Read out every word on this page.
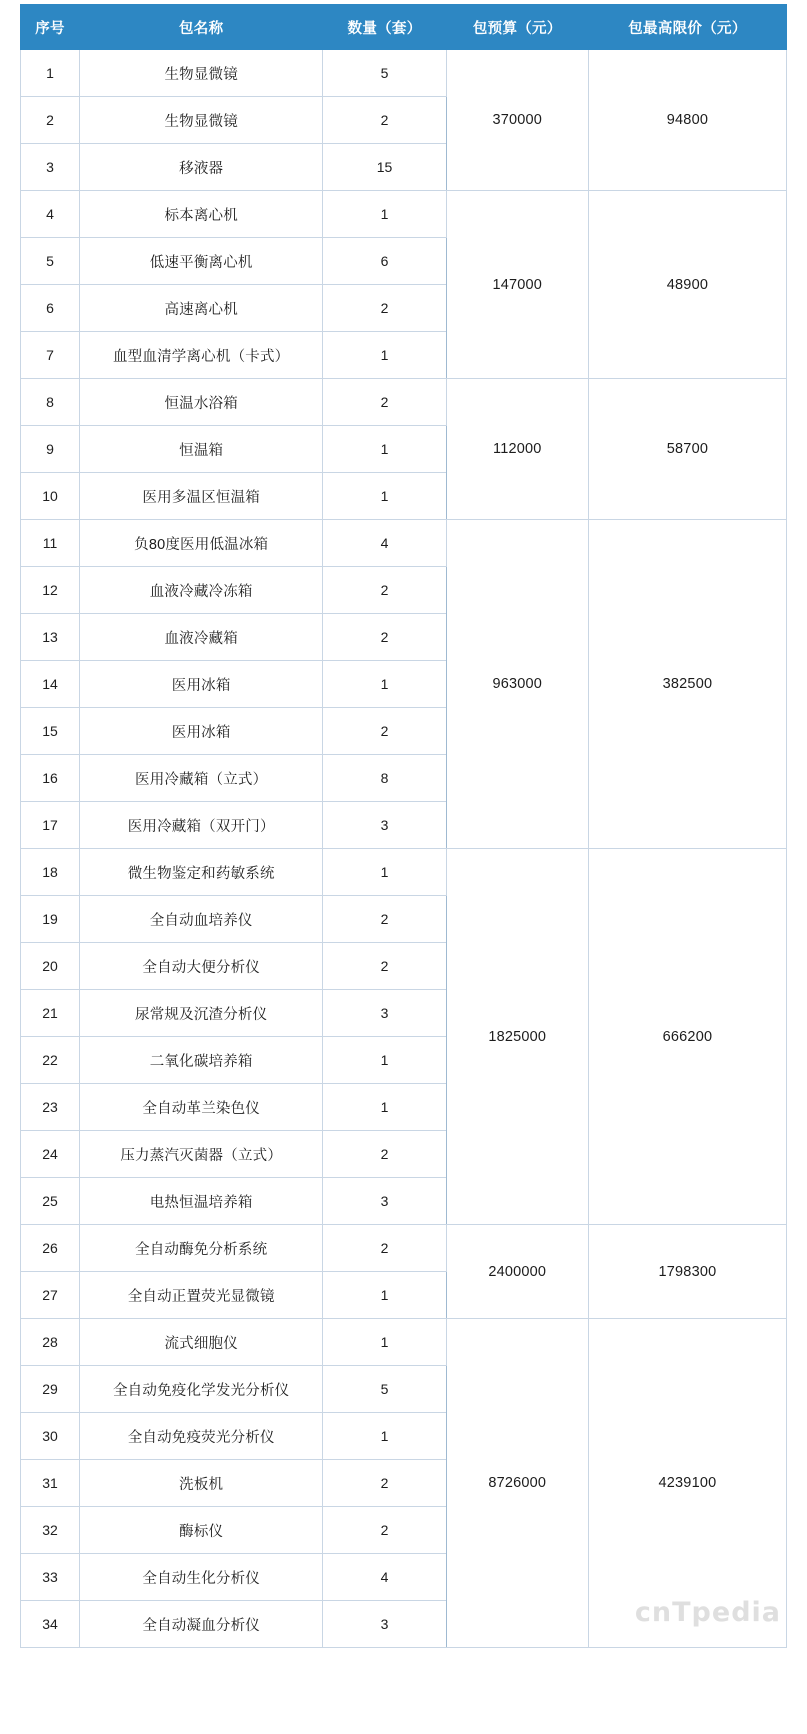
序号	包名称	数量（套）	包预算（元）	包最高限价（元）
1	生物显微镜	5	370000	94800
2	生物显微镜	2		
3	移液器	15		
4	标本离心机	1	147000	48900
5	低速平衡离心机	6		
6	高速离心机	2		
7	血型血清学离心机（卡式）	1		
8	恒温水浴箱	2	112000	58700
9	恒温箱	1		
10	医用多温区恒温箱	1		
11	负80度医用低温冰箱	4	963000	382500
12	血液冷藏冷冻箱	2		
13	血液冷藏箱	2		
14	医用冰箱	1		
15	医用冰箱	2		
16	医用冷藏箱（立式）	8		
17	医用冷藏箱（双开门）	3		
18	微生物鉴定和药敏系统	1	1825000	666200
19	全自动血培养仪	2		
20	全自动大便分析仪	2		
21	尿常规及沉渣分析仪	3		
22	二氧化碳培养箱	1		
23	全自动革兰染色仪	1		
24	压力蒸汽灭菌器（立式）	2		
25	电热恒温培养箱	3		
26	全自动酶免分析系统	2	2400000	1798300
27	全自动正置荧光显微镜	1		
28	流式细胞仪	1	8726000	4239100
29	全自动免疫化学发光分析仪	5		
30	全自动免疫荧光分析仪	1		
31	洗板机	2		
32	酶标仪	2		
33	全自动生化分析仪	4		
34	全自动凝血分析仪	3			cnTpedia
